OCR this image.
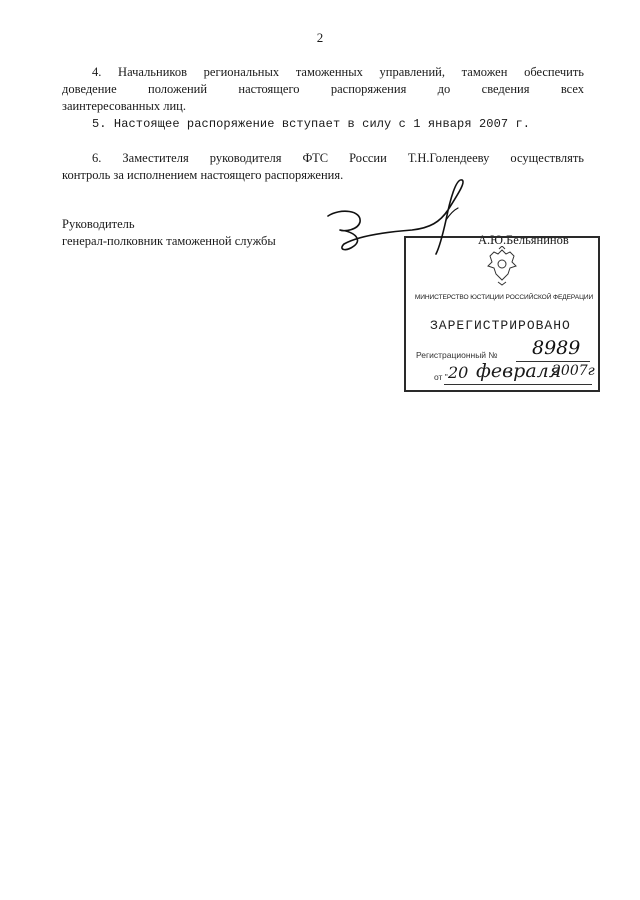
2
4. Начальников региональных таможенных управлений, таможен обеспечить
доведение положений настоящего распоряжения до сведения всех
заинтересованных лиц.
5. Настоящее распоряжение вступает в силу с 1 января 2007 г.
6. Заместителя руководителя ФТС России Т.Н.Голендееву осуществлять
контроль за исполнением настоящего распоряжения.
Руководитель
генерал-полковник таможенной службы	А.Ю.Бельянинов
МИНИСТЕРСТВО ЮСТИЦИИ РОССИЙСКОЙ ФЕДЕРАЦИИ
ЗАРЕГИСТРИРОВАНО
Регистрационный № 8989
от " 20 февраля
2007г
